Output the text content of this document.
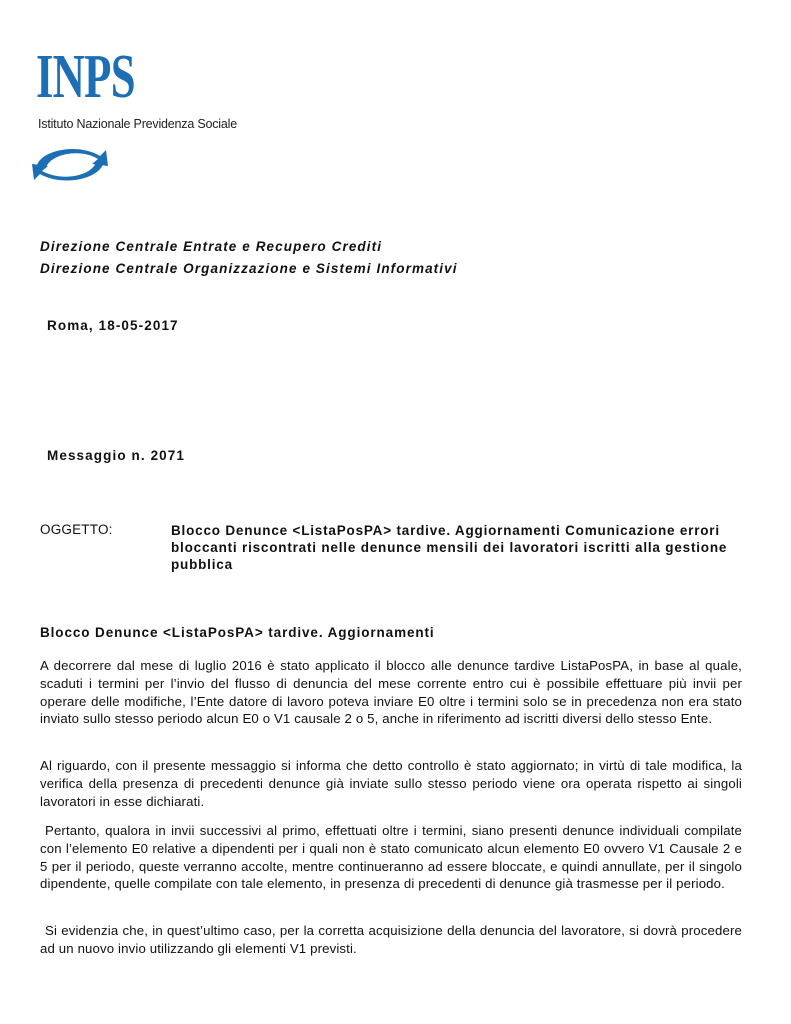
INPS
Istituto Nazionale Previdenza Sociale
Direzione Centrale Entrate e Recupero Crediti
Direzione Centrale Organizzazione e Sistemi Informativi
Roma, 18-05-2017
Messaggio n. 2071
OGGETTO:	Blocco Denunce <ListaPosPA> tardive. Aggiornamenti Comunicazione errori bloccanti riscontrati nelle denunce mensili dei lavoratori iscritti alla gestione pubblica
Blocco Denunce <ListaPosPA> tardive. Aggiornamenti
A decorrere dal mese di luglio 2016 è stato applicato il blocco alle denunce tardive ListaPosPA, in base al quale, scaduti i termini per l’invio del flusso di denuncia del mese corrente entro cui è possibile effettuare più invii per operare delle modifiche, l’Ente datore di lavoro poteva inviare E0 oltre i termini solo se in precedenza non era stato inviato sullo stesso periodo alcun E0 o V1 causale 2 o 5, anche in riferimento ad iscritti diversi dello stesso Ente.
Al riguardo, con il presente messaggio si informa che detto controllo è stato aggiornato; in virtù di tale modifica, la verifica della presenza di precedenti denunce già inviate sullo stesso periodo viene ora operata rispetto ai singoli lavoratori in esse dichiarati.
Pertanto, qualora in invii successivi al primo, effettuati oltre i termini, siano presenti denunce individuali compilate con l’elemento E0 relative a dipendenti per i quali non è stato comunicato alcun elemento E0 ovvero V1 Causale 2 e 5 per il periodo, queste verranno accolte, mentre continueranno ad essere bloccate, e quindi annullate, per il singolo dipendente, quelle compilate con tale elemento, in presenza di precedenti di denunce già trasmesse per il periodo.
Si evidenzia che, in quest’ultimo caso, per la corretta acquisizione della denuncia del lavoratore, si dovrà procedere ad un nuovo invio utilizzando gli elementi V1 previsti.
